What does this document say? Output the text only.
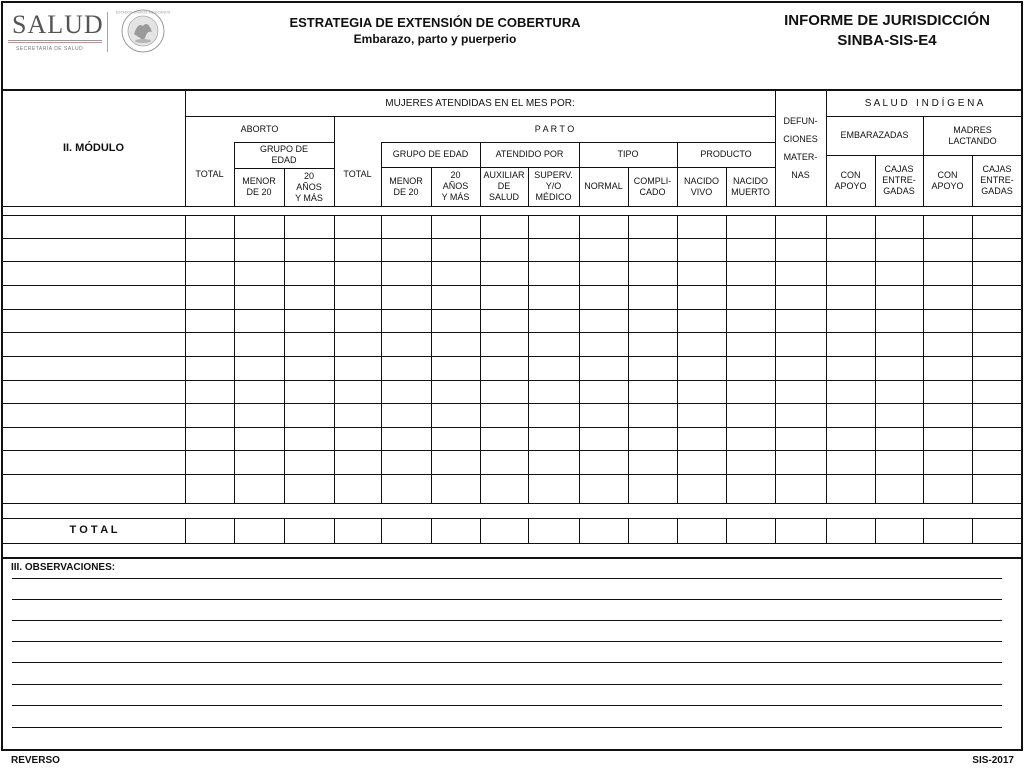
SALUD
SECRETARÍA DE SALUD
ESTADOS UNIDOS MEXICANOS
ESTRATEGIA DE EXTENSIÓN DE COBERTURA
Embarazo, parto y puerperio
INFORME DE JURISDICCIÓN
SINBA-SIS-E4
II. MÓDULO
MUJERES ATENDIDAS EN EL MES POR:
ABORTO	P A R T O
TOTAL
GRUPO DE
EDAD
MENOR
DE 20
20
AÑOS
Y MÁS
TOTAL
GRUPO DE EDAD
MENOR
DE 20
20
AÑOS
Y MÁS
ATENDIDO POR
AUXILIAR
DE
SALUD
SUPERV.
Y/O
MÉDICO
TIPO
NORMAL
COMPLI-
CADO
PRODUCTO
NACIDO
VIVO
NACIDO
MUERTO
DEFUN-
CIONES
MATER-
NAS
S A L U D   I N D Í G E N A
EMBARAZADAS
MADRES
LACTANDO
CON
APOYO
CAJAS
ENTRE-
GADAS
CON
APOYO
CAJAS
ENTRE-
GADAS
T O T A L
III. OBSERVACIONES:
REVERSO	SIS-2017
